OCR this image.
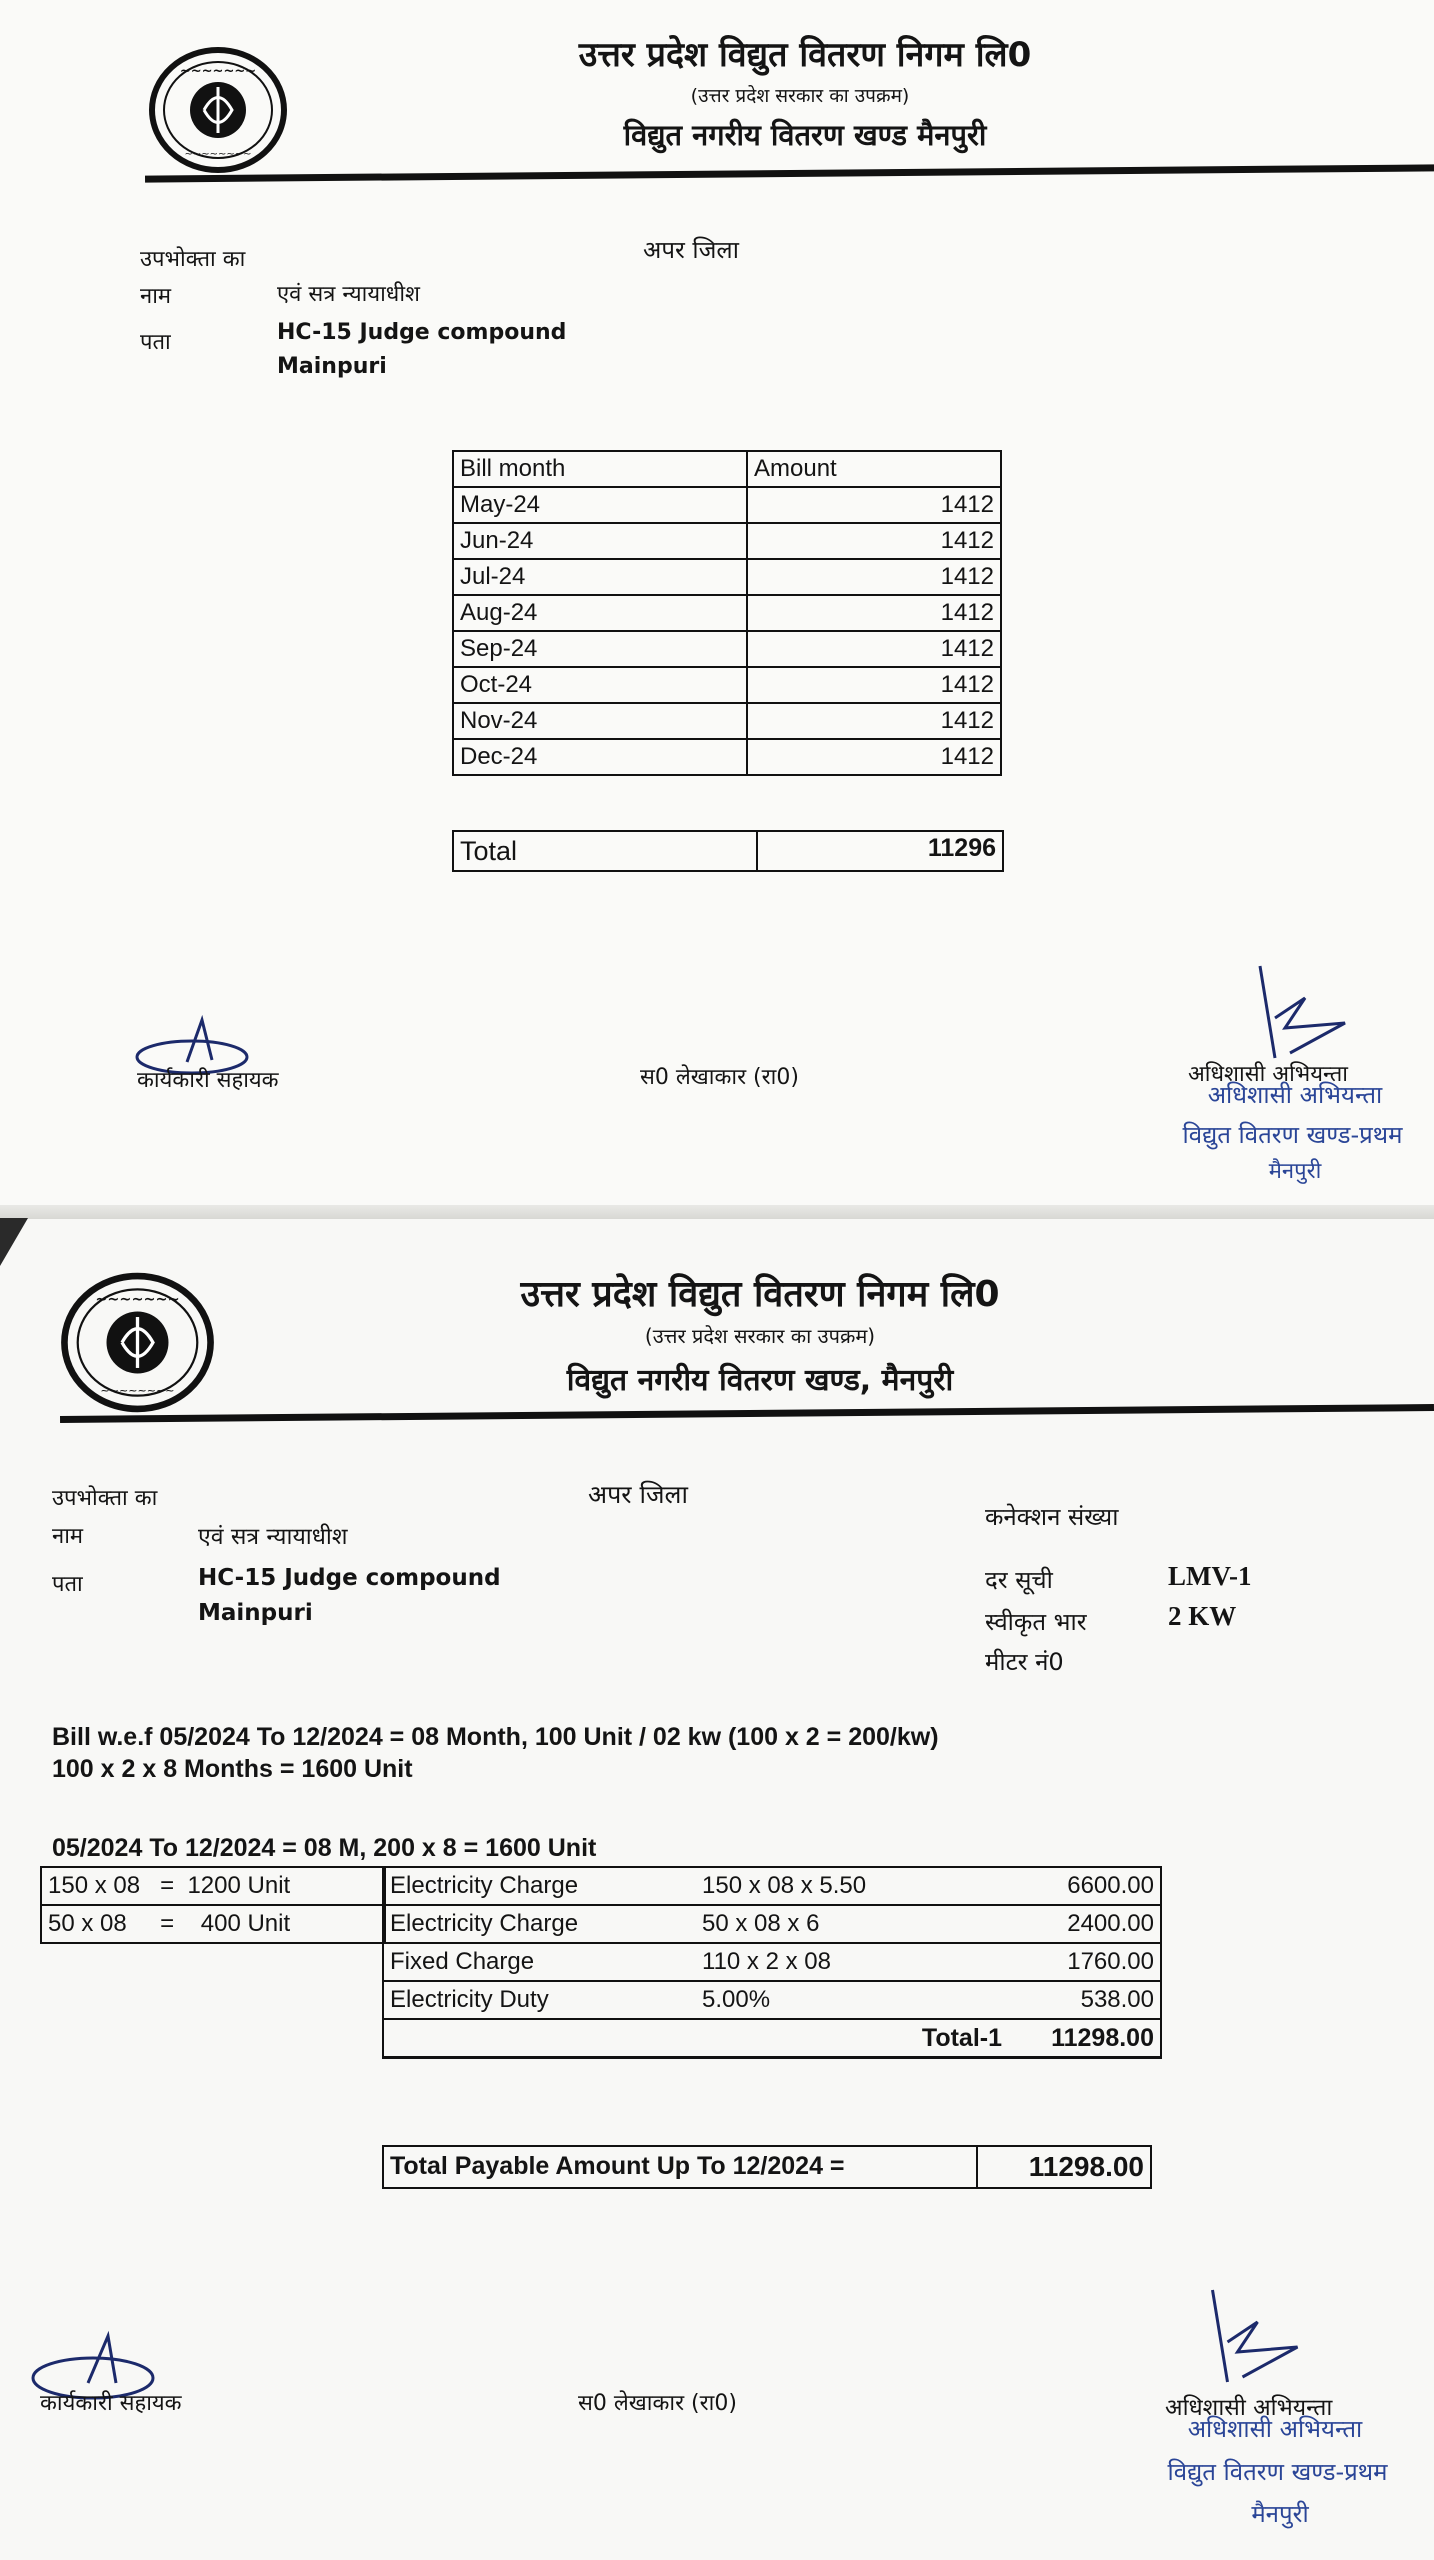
~~~~~~~
~~~~~~~~
उत्तर प्रदेश विद्युत वितरण निगम लि0
(उत्तर प्रदेश सरकार का उपक्रम)
विद्युत नगरीय वितरण खण्ड मैनपुरी
उपभोक्ता का
नाम
अपर जिला
एवं सत्र न्यायाधीश
पता	HC-15 Judge compound
Mainpuri
Bill month	Amount
May-24	1412
Jun-24	1412
Jul-24	1412
Aug-24	1412
Sep-24	1412
Oct-24	1412
Nov-24	1412
Dec-24	1412
Total	11296
कार्यकारी सहायक	स0 लेखाकार (रा0)	अधिशासी अभियन्ता
अधिशासी अभियन्ता
विद्युत वितरण खण्ड-प्रथम
मैनपुरी
~~~~~~~
~~~~~~~~
उत्तर प्रदेश विद्युत वितरण निगम लि0
(उत्तर प्रदेश सरकार का उपक्रम)
विद्युत नगरीय वितरण खण्ड, मैनपुरी
उपभोक्ता का
नाम
अपर जिला
एवं सत्र न्यायाधीश
पता	HC-15 Judge compound
Mainpuri
कनेक्शन संख्या
दर सूची	LMV-1
स्वीकृत भार	2 KW
मीटर नं0
Bill w.e.f 05/2024 To 12/2024 = 08 Month, 100 Unit / 02 kw (100 x 2 = 200/kw)
100 x 2 x 8 Months = 1600 Unit
05/2024 To 12/2024 = 08 M, 200 x 8 = 1600 Unit
150 x 08 = 1200 Unit
50 x 08 = 400 Unit
Electricity Charge	150 x 08 x 5.50	6600.00
Electricity Charge	50 x 08 x 6	2400.00
Fixed Charge	110 x 2 x 08	1760.00
Electricity Duty	5.00%	538.00
	Total-1	11298.00
Total Payable Amount Up To 12/2024 =	11298.00
कार्यकारी सहायक	स0 लेखाकार (रा0)	अधिशासी अभियन्ता
अधिशासी अभियन्ता
विद्युत वितरण खण्ड-प्रथम
मैनपुरी
